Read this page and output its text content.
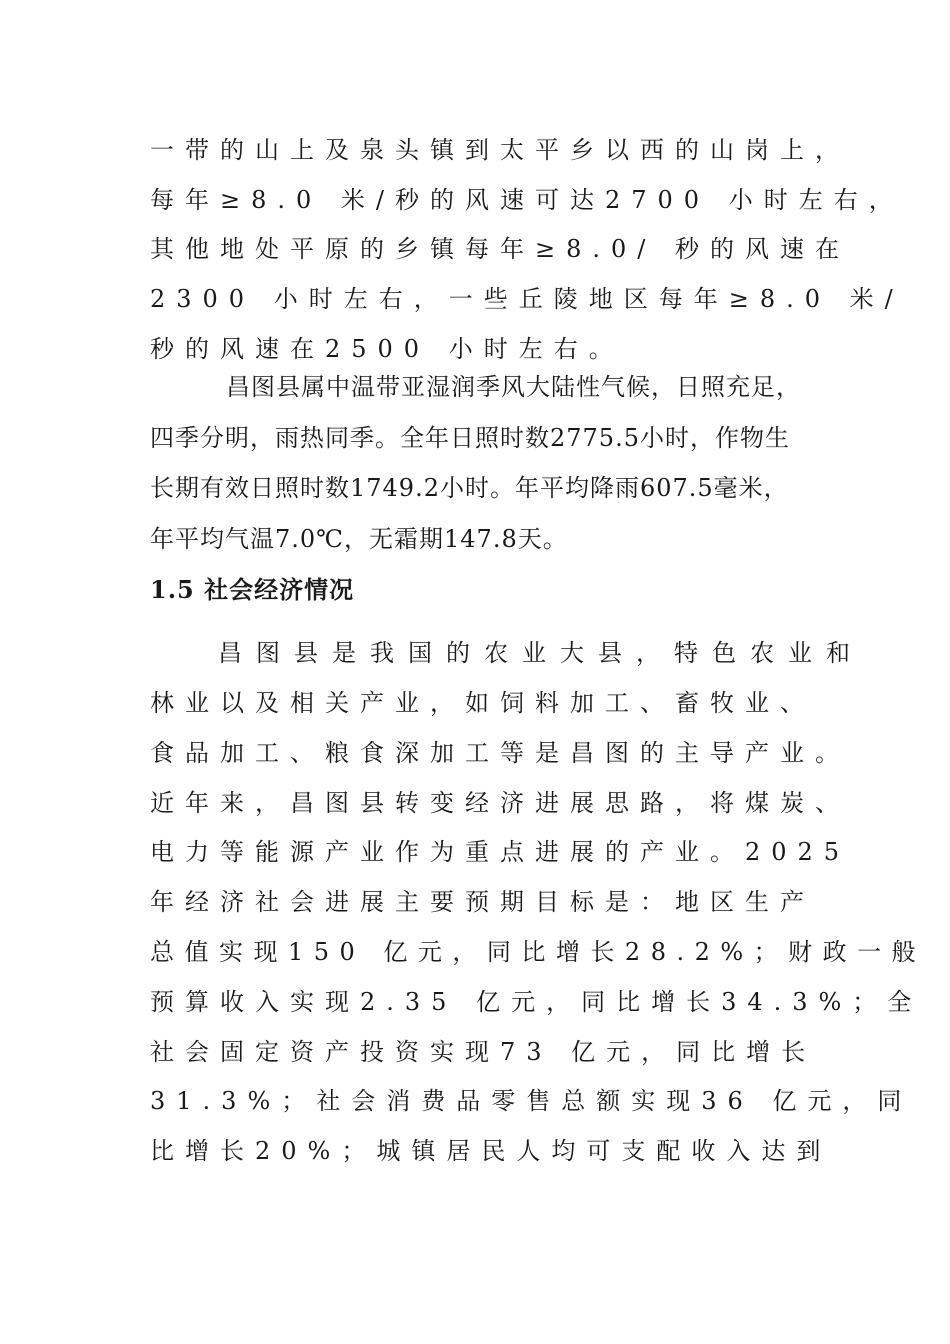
一带的山上及泉头镇到太平乡以西的山岗上，
每年≥8.0 米/秒的风速可达2700 小时左右，
其他地处平原的乡镇每年≥8.0/ 秒的风速在
2300 小时左右，一些丘陵地区每年≥8.0 米/
秒的风速在2500 小时左右。
昌图县属中温带亚湿润季风大陆性气候，日照充足，
四季分明，雨热同季。全年日照时数2775.5小时，作物生
长期有效日照时数1749.2小时。年平均降雨607.5毫米，
年平均气温7.0℃，无霜期147.8天。
1.5 社会经济情况
昌图县是我国的农业大县，特色农业和
林业以及相关产业，如饲料加工、畜牧业、
食品加工、粮食深加工等是昌图的主导产业。
近年来，昌图县转变经济进展思路，将煤炭、
电力等能源产业作为重点进展的产业。2025
年经济社会进展主要预期目标是：地区生产
总值实现150 亿元，同比增长28.2%；财政一般
预算收入实现2.35 亿元，同比增长34.3%；全
社会固定资产投资实现73 亿元，同比增长
31.3%；社会消费品零售总额实现36 亿元，同
比增长20%；城镇居民人均可支配收入达到
